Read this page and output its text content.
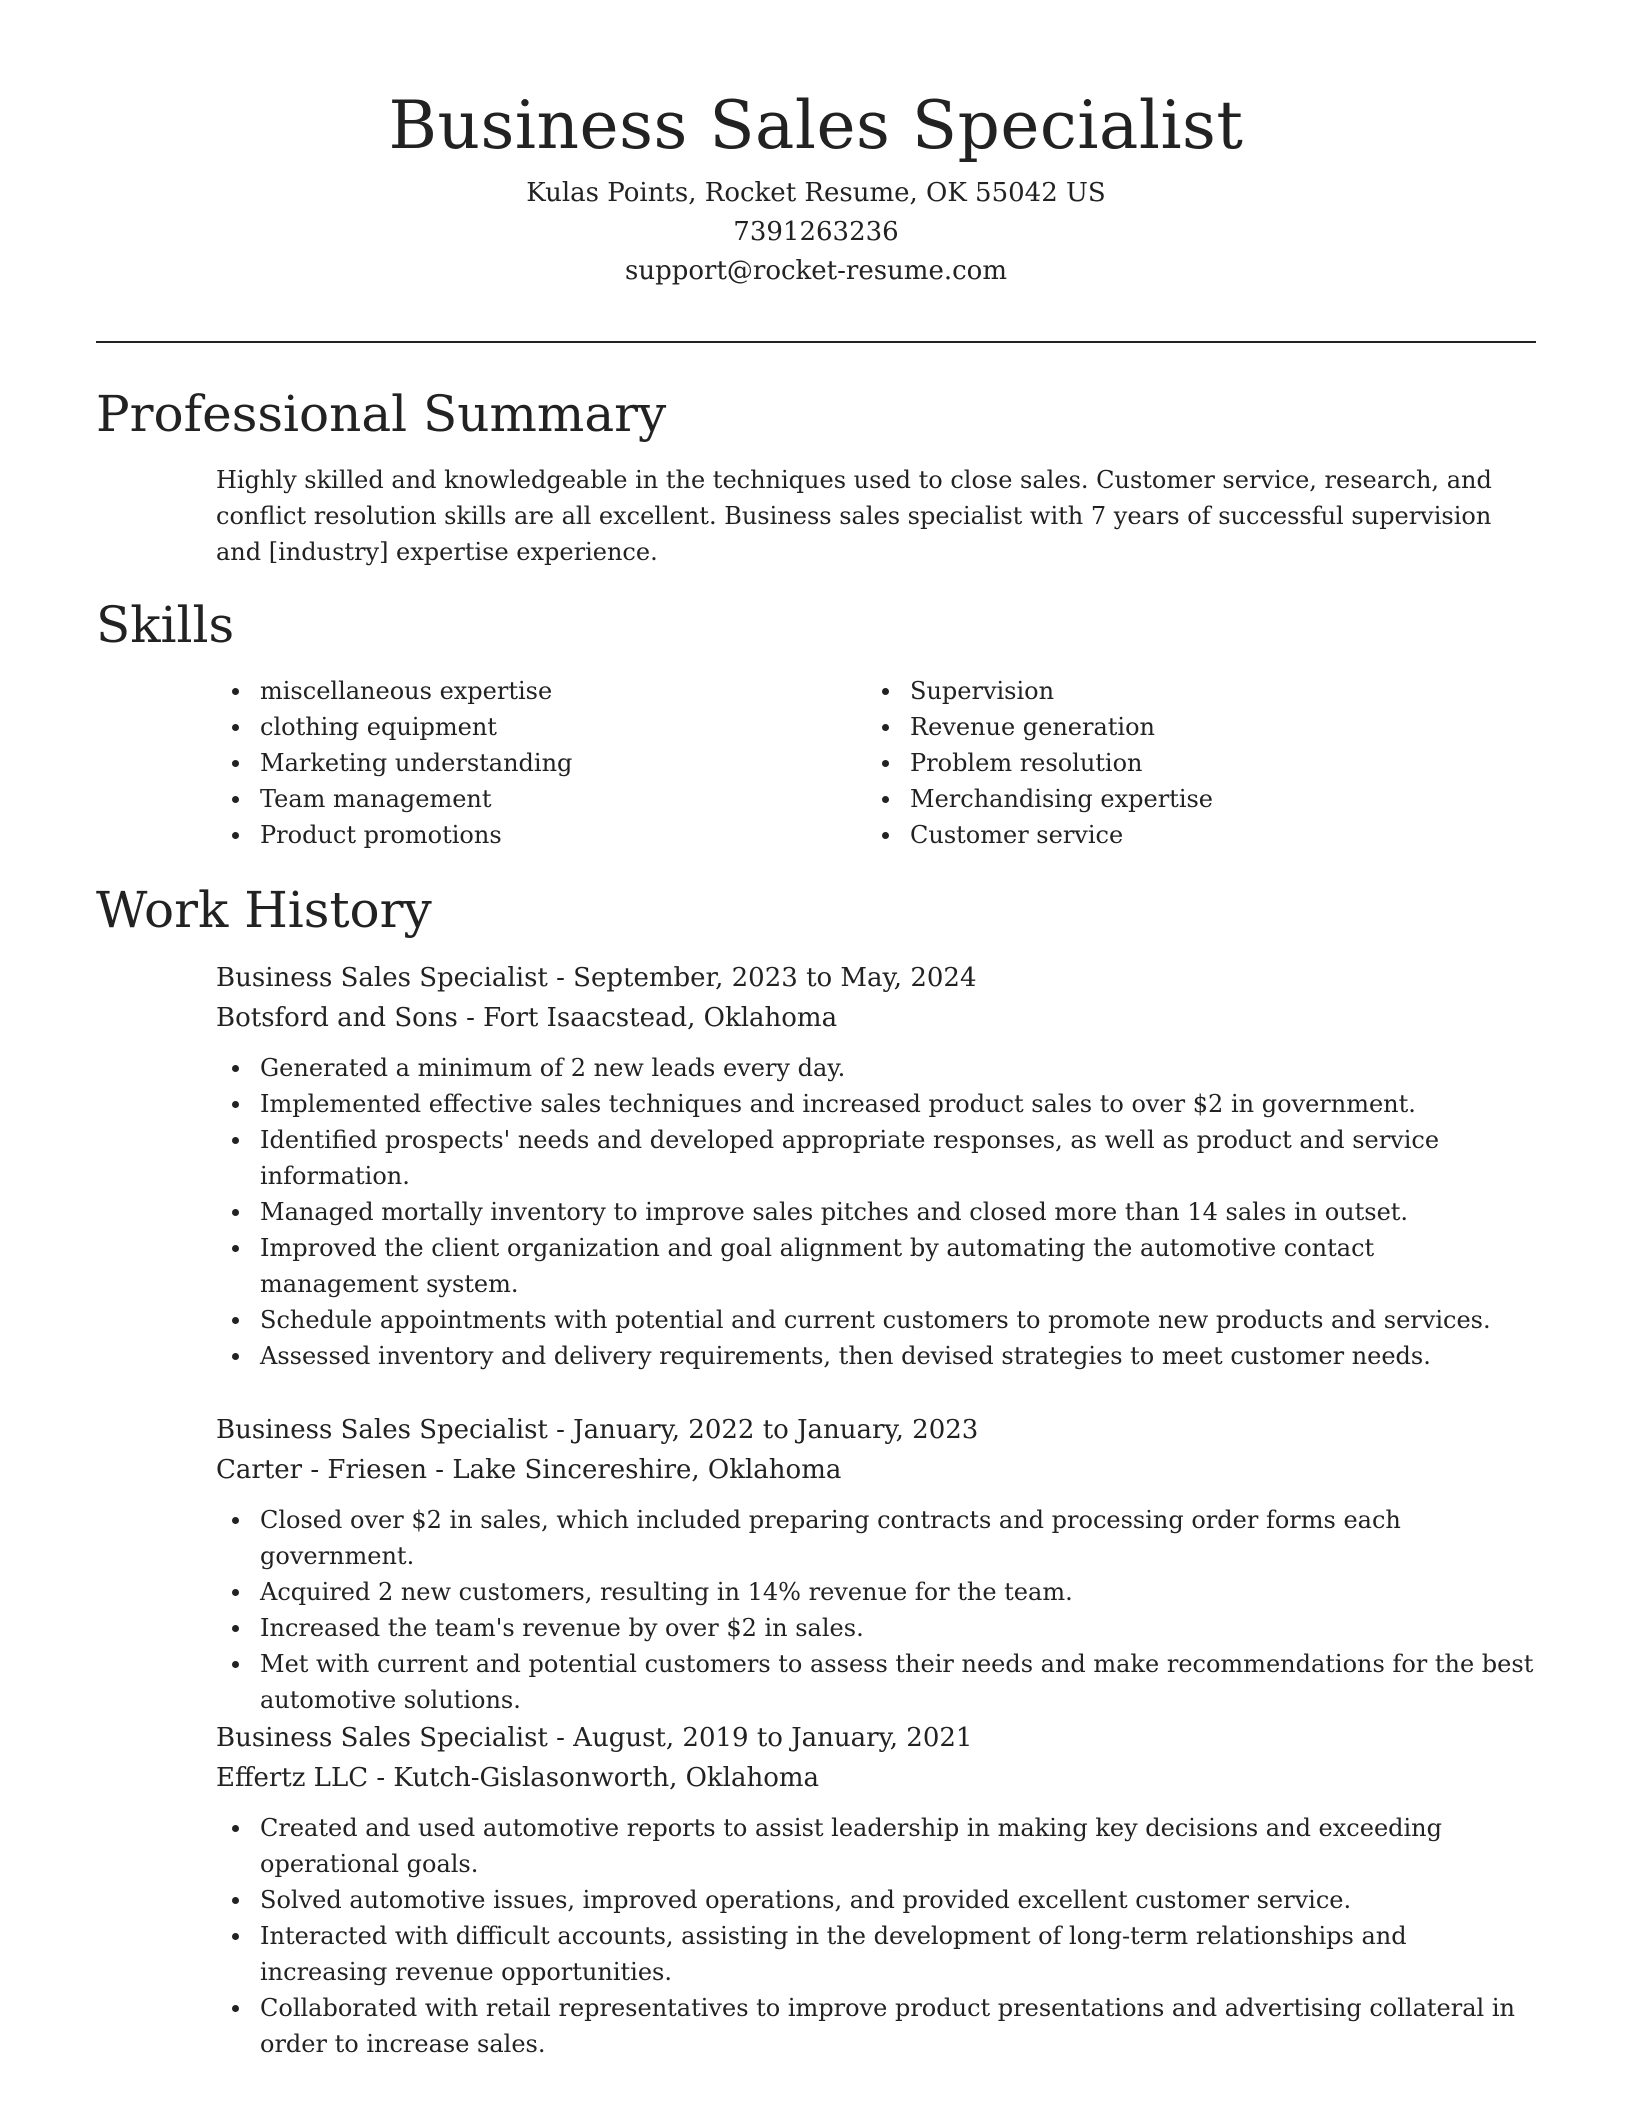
Business Sales Specialist

Kulas Points, Rocket Resume, OK 55042 US

7391263236

support@rocket-resume.com

Professional Summary

Highly skilled and knowledgeable in the techniques used to close sales. Customer service, research, and conflict resolution skills are all excellent. Business sales specialist with 7 years of successful supervision and [industry] expertise experience.

Skills
miscellaneous expertise
clothing equipment
Marketing understanding
Team management
Product promotions
Supervision
Revenue generation
Problem resolution
Merchandising expertise
Customer service
Work History

Business Sales Specialist - September, 2023 to May, 2024

Botsford and Sons - Fort Isaacstead, Oklahoma

Generated a minimum of 2 new leads every day.
Implemented effective sales techniques and increased product sales to over $2 in government.
Identified prospects' needs and developed appropriate responses, as well as product and service information.
Managed mortally inventory to improve sales pitches and closed more than 14 sales in outset.
Improved the client organization and goal alignment by automating the automotive contact management system.
Schedule appointments with potential and current customers to promote new products and services.
Assessed inventory and delivery requirements, then devised strategies to meet customer needs.

Business Sales Specialist - January, 2022 to January, 2023

Carter - Friesen - Lake Sincereshire, Oklahoma

Closed over $2 in sales, which included preparing contracts and processing order forms each government.
Acquired 2 new customers, resulting in 14% revenue for the team.
Increased the team's revenue by over $2 in sales.
Met with current and potential customers to assess their needs and make recommendations for the best automotive solutions.

Business Sales Specialist - August, 2019 to January, 2021

Effertz LLC - Kutch-Gislasonworth, Oklahoma

Created and used automotive reports to assist leadership in making key decisions and exceeding operational goals.
Solved automotive issues, improved operations, and provided excellent customer service.
Interacted with difficult accounts, assisting in the development of long-term relationships and increasing revenue opportunities.
Collaborated with retail representatives to improve product presentations and advertising collateral in order to increase sales.
